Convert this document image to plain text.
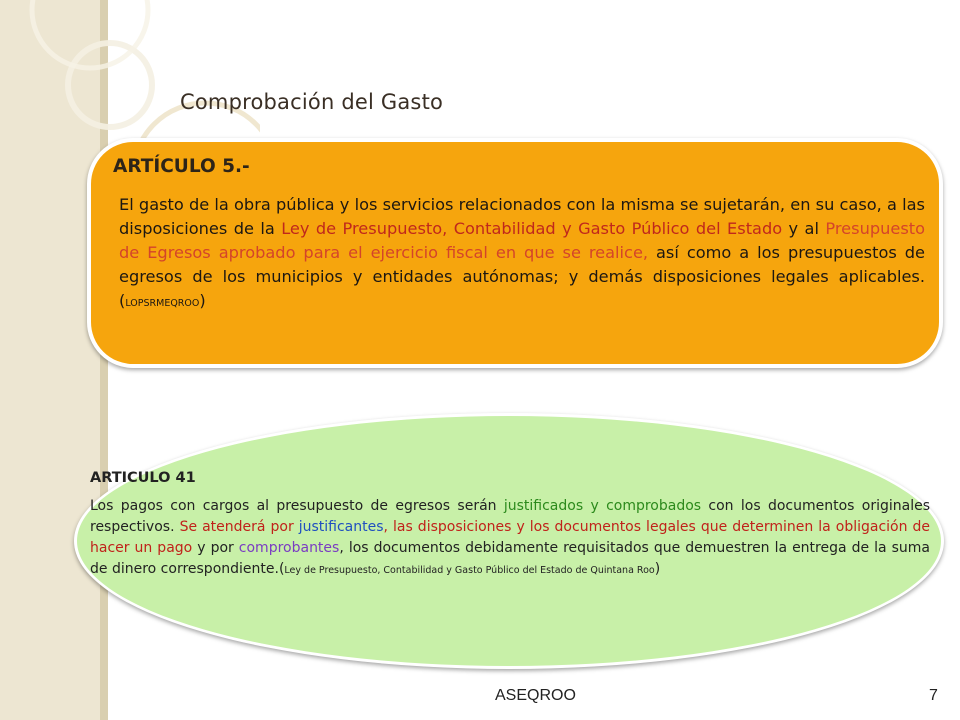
Comprobación del Gasto
ARTÍCULO 5.-
El gasto de la obra pública y los servicios relacionados con la misma se sujetarán, en su caso, a las disposiciones de la Ley de Presupuesto, Contabilidad y Gasto Público del Estado y al Presupuesto de Egresos aprobado para el ejercicio fiscal en que se realice, así como a los presupuestos de egresos de los municipios y entidades autónomas; y demás disposiciones legales aplicables.(LOPSRMEQROO)
ARTICULO 41
Los pagos con cargos al presupuesto de egresos serán justificados y comprobados con los documentos originales respectivos. Se atenderá por justificantes, las disposiciones y los documentos legales que determinen la obligación de hacer un pago y por comprobantes, los documentos debidamente requisitados que demuestren la entrega de la suma de dinero correspondiente.(Ley de Presupuesto, Contabilidad y Gasto Público del Estado de Quintana Roo)
ASEQROO	7
